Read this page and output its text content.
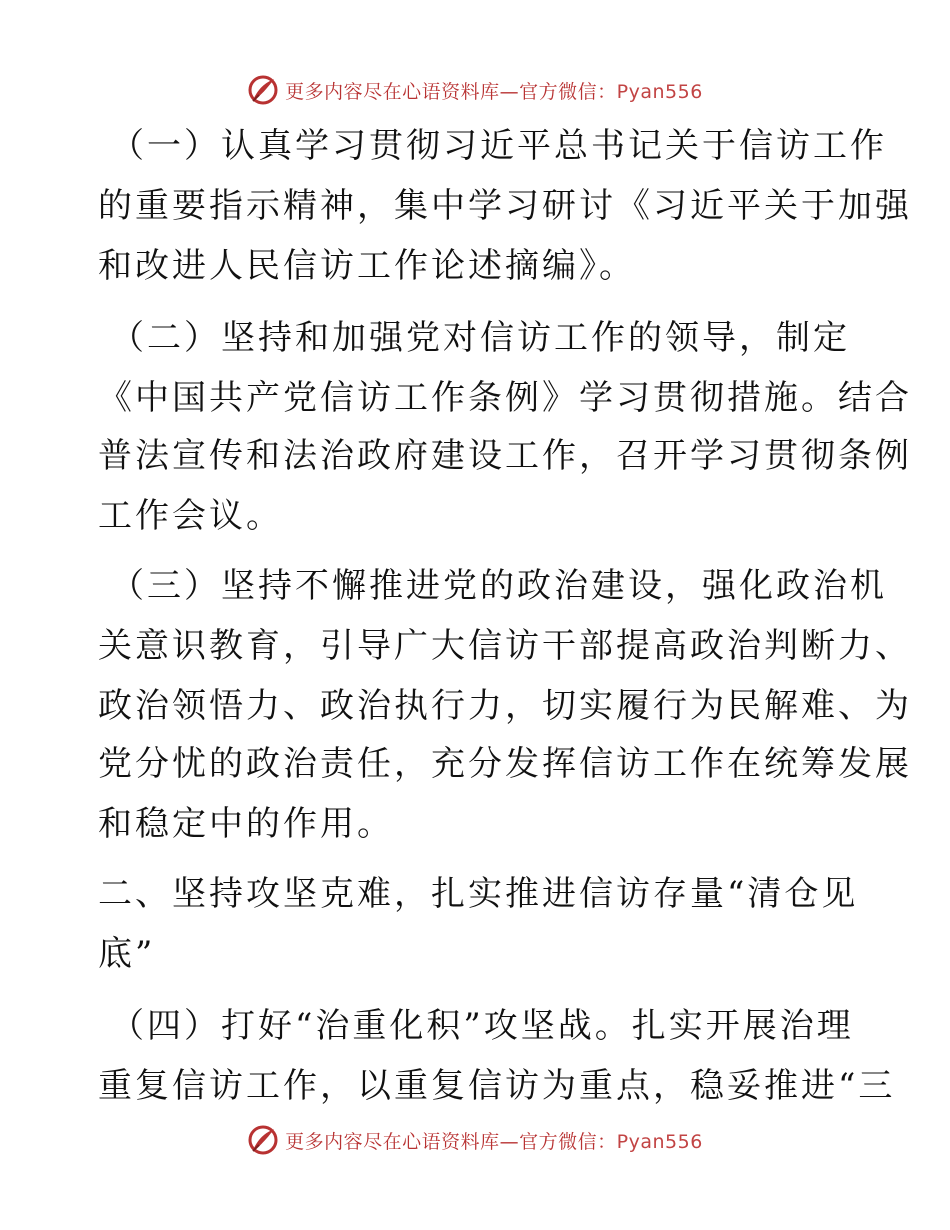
更多内容尽在心语资料库—官方微信：Pyan556
（一）认真学习贯彻习近平总书记关于信访工作
的重要指示精神，集中学习研讨《习近平关于加强
和改进人民信访工作论述摘编》。
（二）坚持和加强党对信访工作的领导，制定
《中国共产党信访工作条例》学习贯彻措施。结合
普法宣传和法治政府建设工作，召开学习贯彻条例
工作会议。
（三）坚持不懈推进党的政治建设，强化政治机
关意识教育，引导广大信访干部提高政治判断力、
政治领悟力、政治执行力，切实履行为民解难、为
党分忧的政治责任，充分发挥信访工作在统筹发展
和稳定中的作用。
二、坚持攻坚克难，扎实推进信访存量“清仓见
底”
（四）打好“治重化积”攻坚战。扎实开展治理
重复信访工作，以重复信访为重点，稳妥推进“三
更多内容尽在心语资料库—官方微信：Pyan556
